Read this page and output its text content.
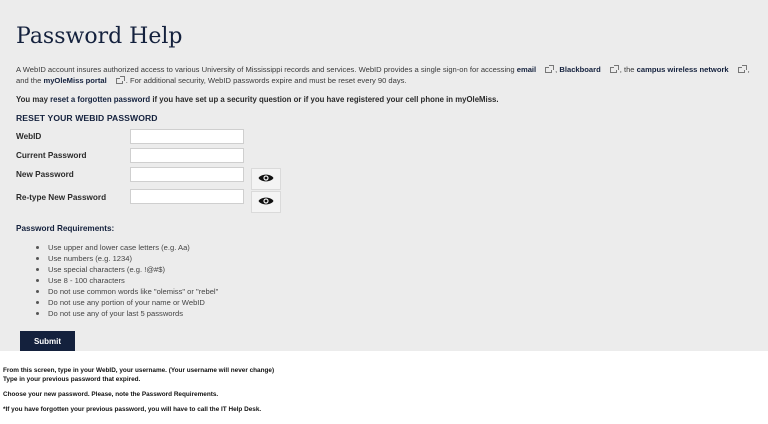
Password Help

A WebID account insures authorized access to various University of Mississippi records and services. WebID provides a single sign-on for accessing email	, Blackboard	, the campus wireless network	, and the myOleMiss portal	. For additional security, WebID passwords expire and must be reset every 90 days.

You may reset a forgotten password if you have set up a security question or if you have registered your cell phone in myOleMiss.

RESET YOUR WEBID PASSWORD
WebID
Current Password
New Password
Re-type New Password
Password Requirements:
Use upper and lower case letters (e.g. Aa)
Use numbers (e.g. 1234)
Use special characters (e.g. !@#$)
Use 8 - 100 characters
Do not use common words like "olemiss" or "rebel"
Do not use any portion of your name or WebID
Do not use any of your last 5 passwords
Submit
From this screen, type in your WebID, your username. (Your username will never change)
Type in your previous password that expired.
Choose your new password. Please, note the Password Requirements.
*If you have forgotten your previous password, you will have to call the IT Help Desk.
